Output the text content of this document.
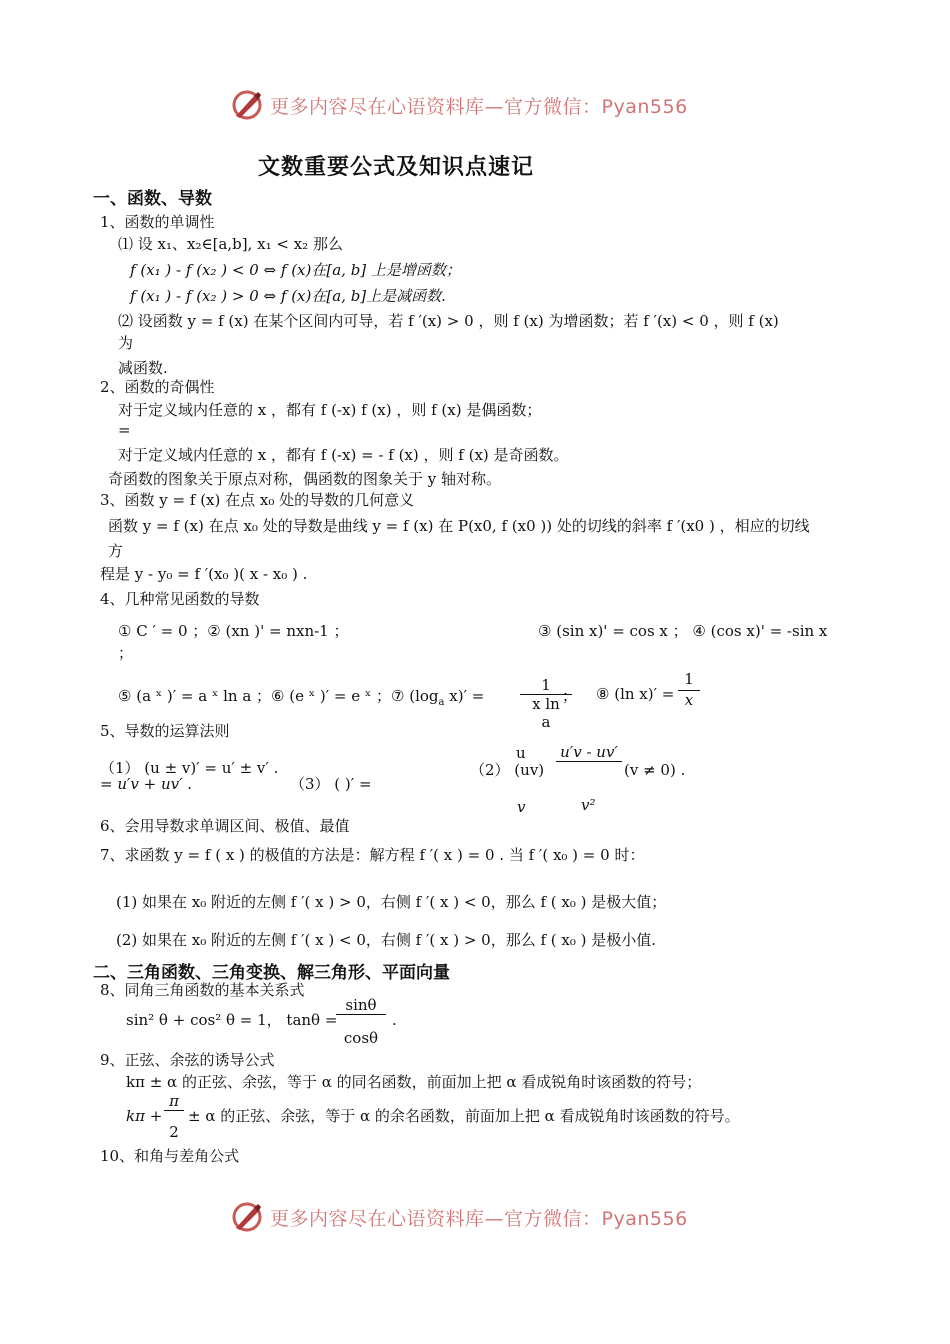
更多内容尽在心语资料库—官方微信：Pyan556
文数重要公式及知识点速记
一、函数、导数
1、函数的单调性
⑴ 设 x₁、x₂∈[a,b], x₁ < x₂ 那么
f (x₁ ) - f (x₂ ) < 0 ⇔ f (x)在[a, b] 上是增函数；
f (x₁ ) - f (x₂ ) > 0 ⇔ f (x)在[a, b]上是减函数.
⑵ 设函数 y = f (x) 在某个区间内可导，若 f ′(x) > 0 ，则 f (x) 为增函数；若 f ′(x) < 0 ，则 f (x)
为
减函数.
2、函数的奇偶性
对于定义域内任意的 x ，都有 f (-x) f (x) ，则 f (x) 是偶函数；
=
对于定义域内任意的 x ，都有 f (-x) = - f (x) ，则 f (x) 是奇函数。
奇函数的图象关于原点对称，偶函数的图象关于 y 轴对称。
3、函数 y = f (x) 在点 x₀ 处的导数的几何意义
函数 y = f (x) 在点 x₀ 处的导数是曲线 y = f (x) 在 P(x0, f (x0 )) 处的切线的斜率 f ′(x0 ) ，相应的切线
方
程是 y - y₀ = f ′(x₀ )( x - x₀ ) .
4、几种常见函数的导数
① C ′ = 0 ；② (xn )' = nxn-1 ；
；
③ (sin x)' = cos x ； ④ (cos x)' = -sin x
⑤ (a ˣ )′ = a ˣ ln a ；⑥ (e ˣ )′ = e ˣ ；⑦ ($\log_a$ x)′ =
1
x ln
a
； ⑧ (ln $x)' = \frac{1}{x}$
5、导数的运算法则
（1） (u ± v)′ = u′ ± v′ .
= u′v + uv′ .	（3） ( )′ =
u
（2） (uv)
u′v - uv′
(v ≠ 0) .
v	v²
6、会用导数求单调区间、极值、最值
7、求函数 y = f ( x ) 的极值的方法是：解方程 f ′( x ) = 0 . 当 f ′( x₀ ) = 0 时：
(1) 如果在 x₀ 附近的左侧 f ′( x ) > 0，右侧 f ′( x ) < 0，那么 f ( x₀ ) 是极大值；
(2) 如果在 x₀ 附近的左侧 f ′( x ) < 0，右侧 f ′( x ) > 0，那么 f ( x₀ ) 是极小值.
二、三角函数、三角变换、解三角形、平面向量
8、同角三角函数的基本关系式
sin² θ + cos² θ = 1， tanθ =
sinθ
cosθ
.
9、正弦、余弦的诱导公式
kπ ± α 的正弦、余弦，等于 α 的同名函数，前面加上把 α 看成锐角时该函数的符号；
kπ +
π
2
± α 的正弦、余弦，等于 α 的余名函数，前面加上把 α 看成锐角时该函数的符号。
10、和角与差角公式
更多内容尽在心语资料库—官方微信：Pyan556
